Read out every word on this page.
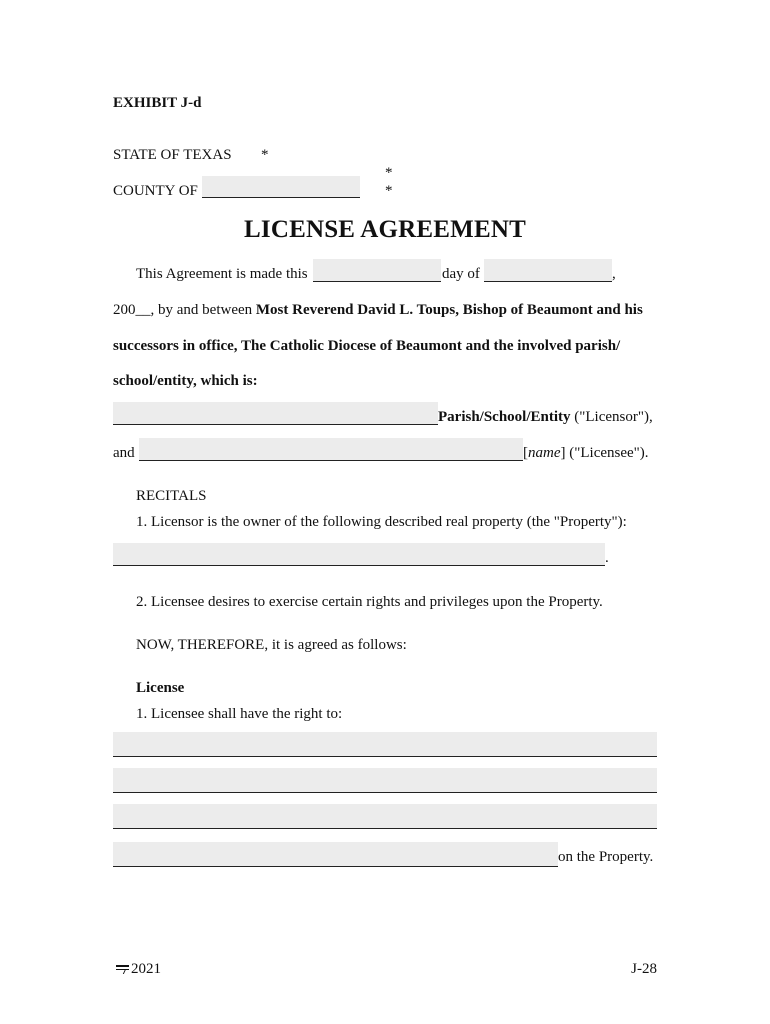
EXHIBIT J-d
STATE OF TEXAS *
*
COUNTY OF	*
LICENSE AGREEMENT
This Agreement is made this	day of	,
200__, by and between Most Reverend David L. Toups, Bishop of Beaumont and his
successors in office, The Catholic Diocese of Beaumont and the involved parish/
school/entity, which is:
Parish/School/Entity ("Licensor"),
and	[name] ("Licensee").
RECITALS
1. Licensor is the owner of the following described real property (the "Property"):
.
2. Licensee desires to exercise certain rights and privileges upon the Property.
NOW, THEREFORE, it is agreed as follows:
License
1. Licensee shall have the right to:
on the Property.
2021	J-28
